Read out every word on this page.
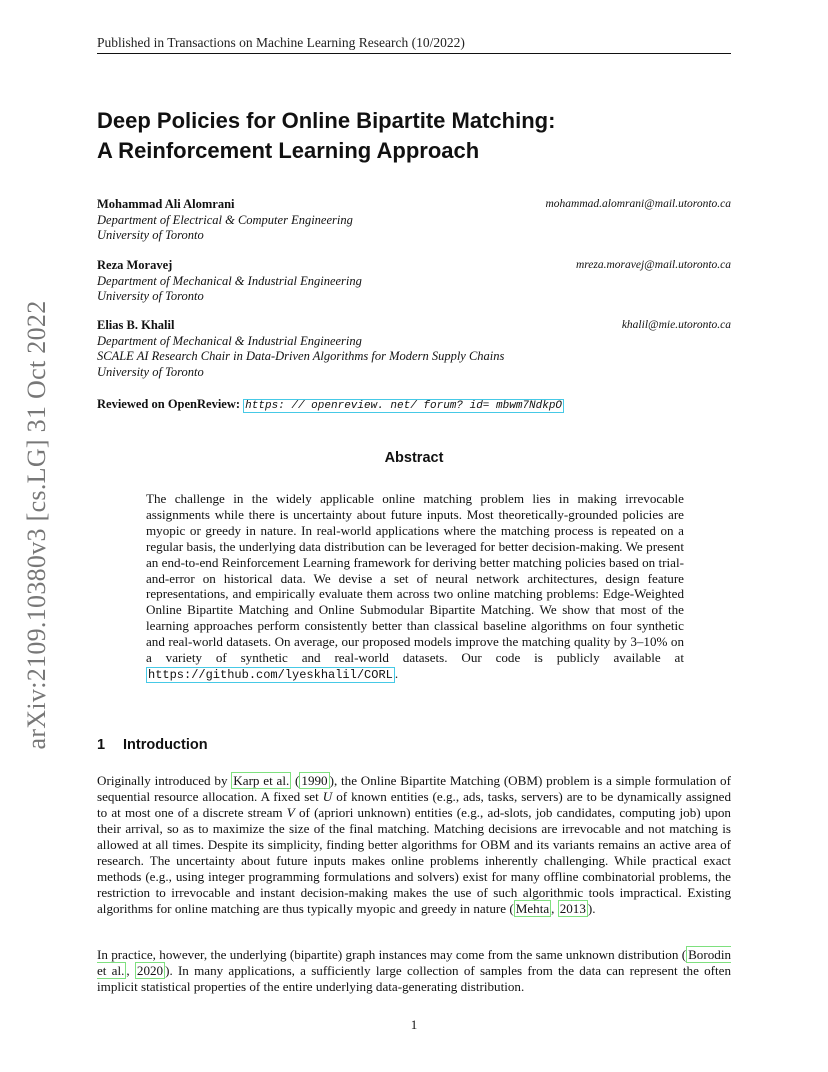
Published in Transactions on Machine Learning Research (10/2022)
arXiv:2109.10380v3 [cs.LG] 31 Oct 2022
Deep Policies for Online Bipartite Matching:
A Reinforcement Learning Approach
Mohammad Ali Alomrani	mohammad.alomrani@mail.utoronto.ca
Department of Electrical & Computer Engineering
University of Toronto
Reza Moravej	mreza.moravej@mail.utoronto.ca
Department of Mechanical & Industrial Engineering
University of Toronto
Elias B. Khalil	khalil@mie.utoronto.ca
Department of Mechanical & Industrial Engineering
SCALE AI Research Chair in Data-Driven Algorithms for Modern Supply Chains
University of Toronto
Reviewed on OpenReview: https: // openreview. net/ forum? id= mbwm7NdkpO
Abstract
The challenge in the widely applicable online matching problem lies in making irrevocable assignments while there is uncertainty about future inputs. Most theoretically-grounded policies are myopic or greedy in nature. In real-world applications where the matching process is repeated on a regular basis, the underlying data distribution can be leveraged for better decision-making. We present an end-to-end Reinforcement Learning framework for deriving better matching policies based on trial-and-error on historical data. We devise a set of neural network architectures, design feature representations, and empirically evaluate them across two online matching problems: Edge-Weighted Online Bipartite Matching and Online Submodular Bipartite Matching. We show that most of the learning approaches perform consistently better than classical baseline algorithms on four synthetic and real-world datasets. On average, our proposed models improve the matching quality by 3–10% on a variety of synthetic and real-world datasets. Our code is publicly available at https://github.com/lyeskhalil/CORL .
1 Introduction
Originally introduced by Karp et al. ( 1990 ), the Online Bipartite Matching (OBM) problem is a simple formulation of sequential resource allocation. A fixed set U of known entities (e.g., ads, tasks, servers) are to be dynamically assigned to at most one of a discrete stream V of (apriori unknown) entities (e.g., ad-slots, job candidates, computing job) upon their arrival, so as to maximize the size of the final matching. Matching decisions are irrevocable and not matching is allowed at all times. Despite its simplicity, finding better algorithms for OBM and its variants remains an active area of research. The uncertainty about future inputs makes online problems inherently challenging. While practical exact methods (e.g., using integer programming formulations and solvers) exist for many offline combinatorial problems, the restriction to irrevocable and instant decision-making makes the use of such algorithmic tools impractical. Existing algorithms for online matching are thus typically myopic and greedy in nature ( Mehta , 2013 ).
In practice, however, the underlying (bipartite) graph instances may come from the same unknown distribution ( Borodin et al. , 2020 ). In many applications, a sufficiently large collection of samples from the data can represent the often implicit statistical properties of the entire underlying data-generating distribution.
1
